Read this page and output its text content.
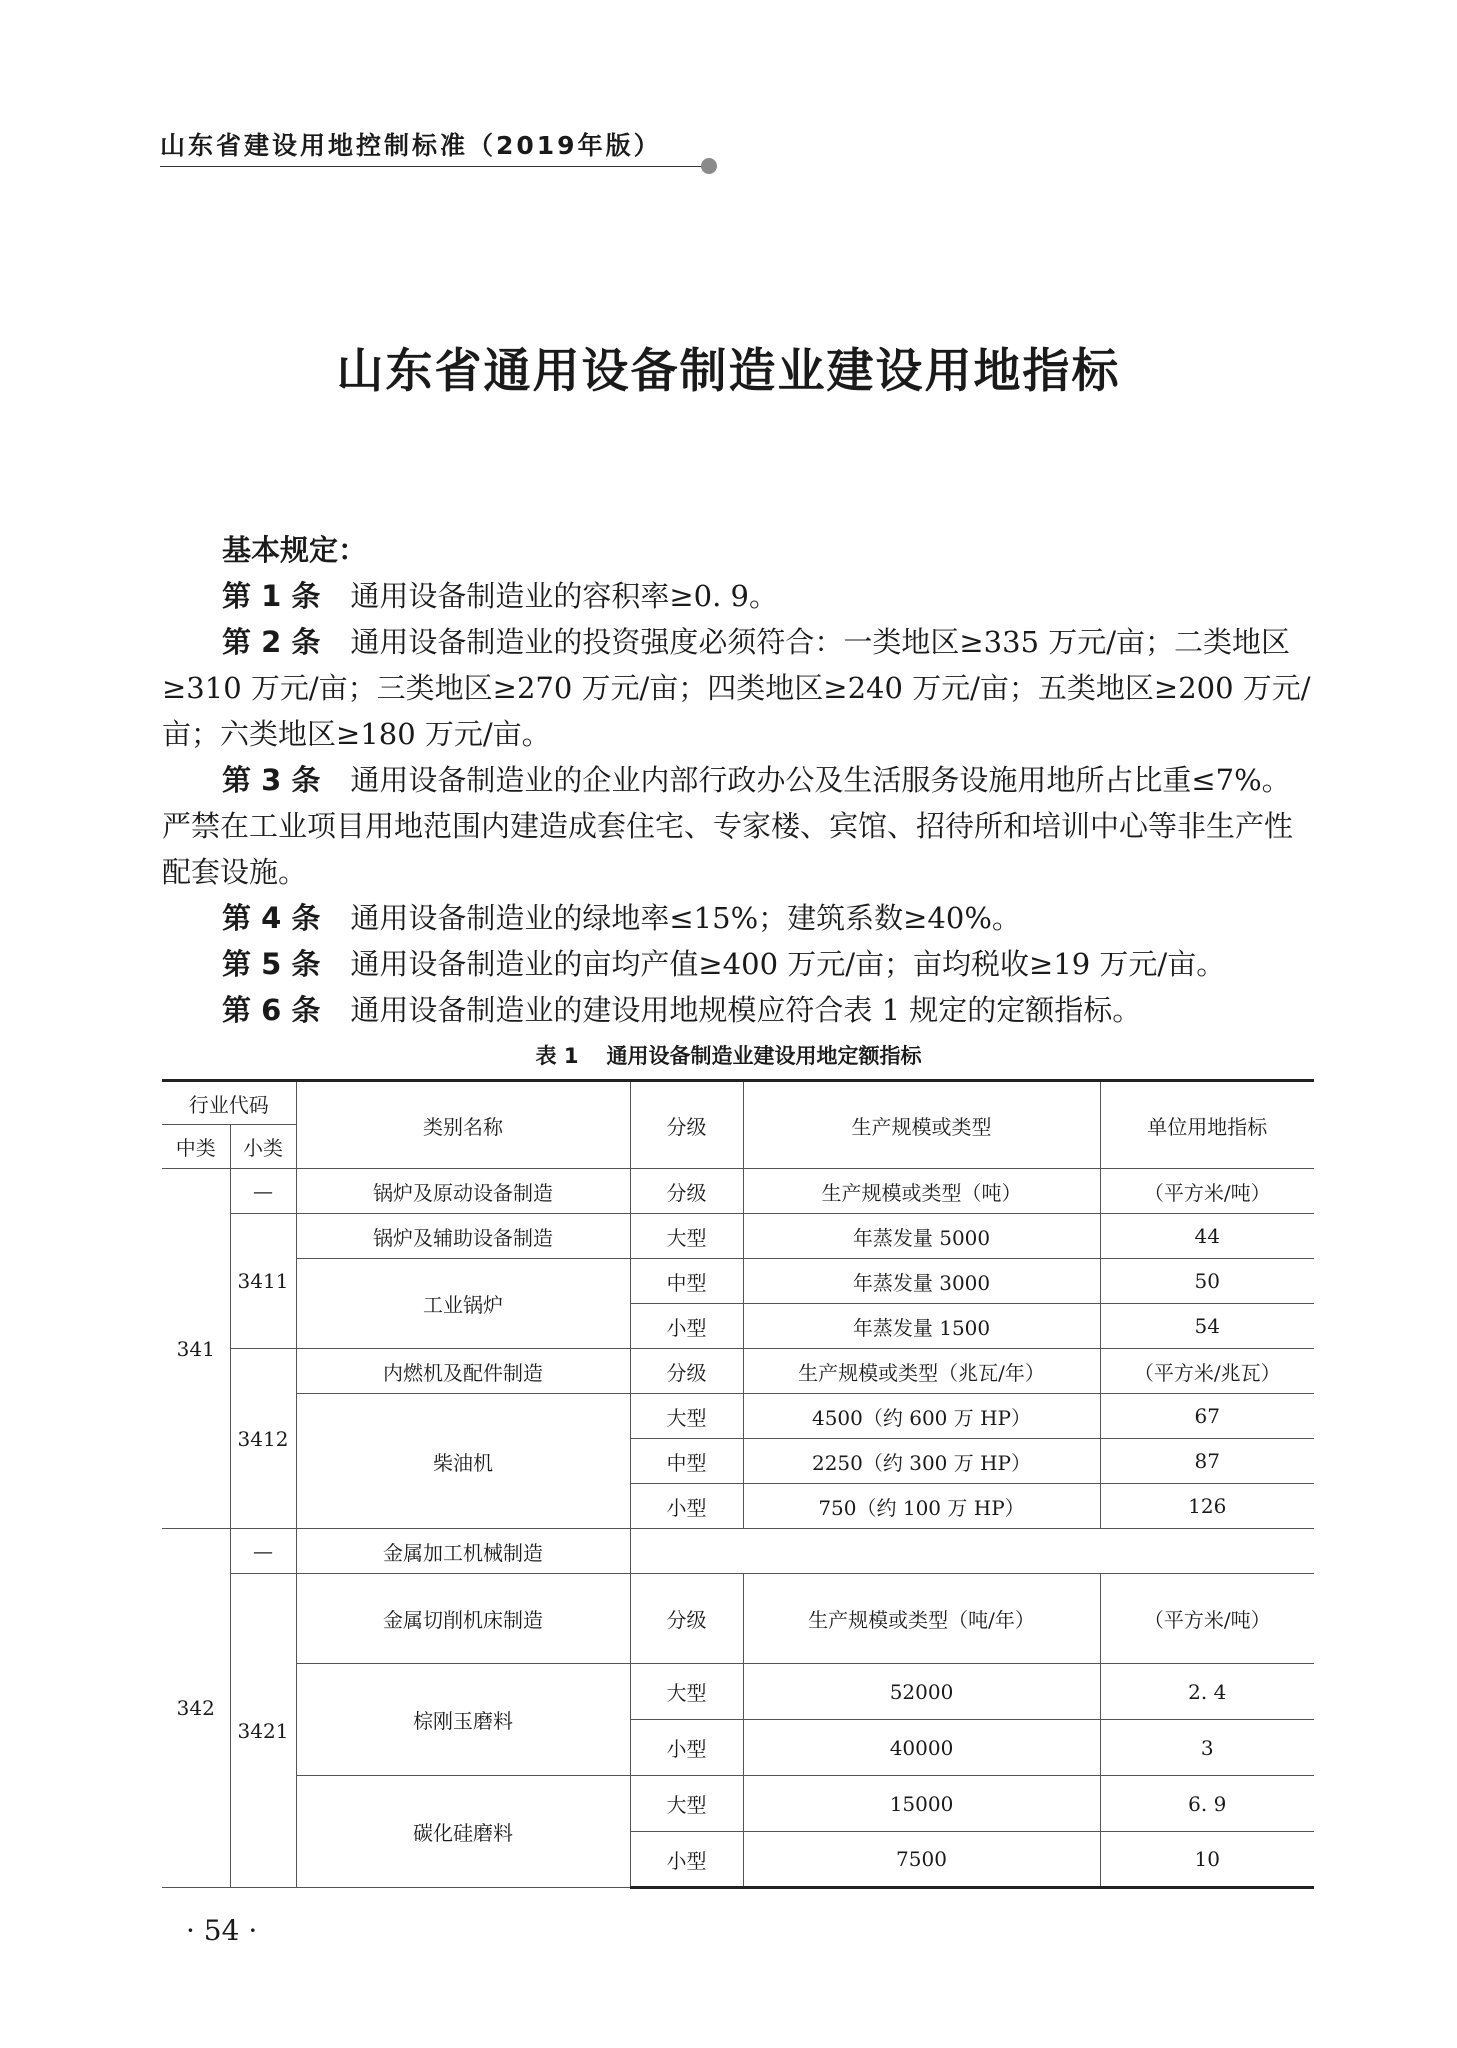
山东省建设用地控制标准（2019年版）
山东省通用设备制造业建设用地指标

基本规定：

第 1 条 通用设备制造业的容积率≥0. 9。

第 2 条 通用设备制造业的投资强度必须符合：一类地区≥335 万元/亩；二类地区≥310 万元/亩；三类地区≥270 万元/亩；四类地区≥240 万元/亩；五类地区≥200 万元/亩；六类地区≥180 万元/亩。

第 3 条 通用设备制造业的企业内部行政办公及生活服务设施用地所占比重≤7%。严禁在工业项目用地范围内建造成套住宅、专家楼、宾馆、招待所和培训中心等非生产性配套设施。

第 4 条 通用设备制造业的绿地率≤15%；建筑系数≥40%。

第 5 条 通用设备制造业的亩均产值≥400 万元/亩；亩均税收≥19 万元/亩。

第 6 条 通用设备制造业的建设用地规模应符合表 1 规定的定额指标。

表 1 通用设备制造业建设用地定额指标
行业代码		类别名称	分级	生产规模或类型	单位用地指标
中类	小类				
341	—	锅炉及原动设备制造	分级	生产规模或类型（吨）	（平方米/吨）
	3411	锅炉及辅助设备制造	大型	年蒸发量 5000	44
		工业锅炉	中型	年蒸发量 3000	50
			小型	年蒸发量 1500	54
	3412	内燃机及配件制造	分级	生产规模或类型（兆瓦/年）	（平方米/兆瓦）
		柴油机	大型	4500（约 600 万 HP）	67
			中型	2250（约 300 万 HP）	87
			小型	750（约 100 万 HP）	126
342	—	金属加工机械制造			
	3421	金属切削机床制造	分级	生产规模或类型（吨/年）	（平方米/吨）
		棕刚玉磨料	大型	52000	2. 4
			小型	40000	3
		碳化硅磨料	大型	15000	6. 9
			小型	7500	10
· 54 ·
